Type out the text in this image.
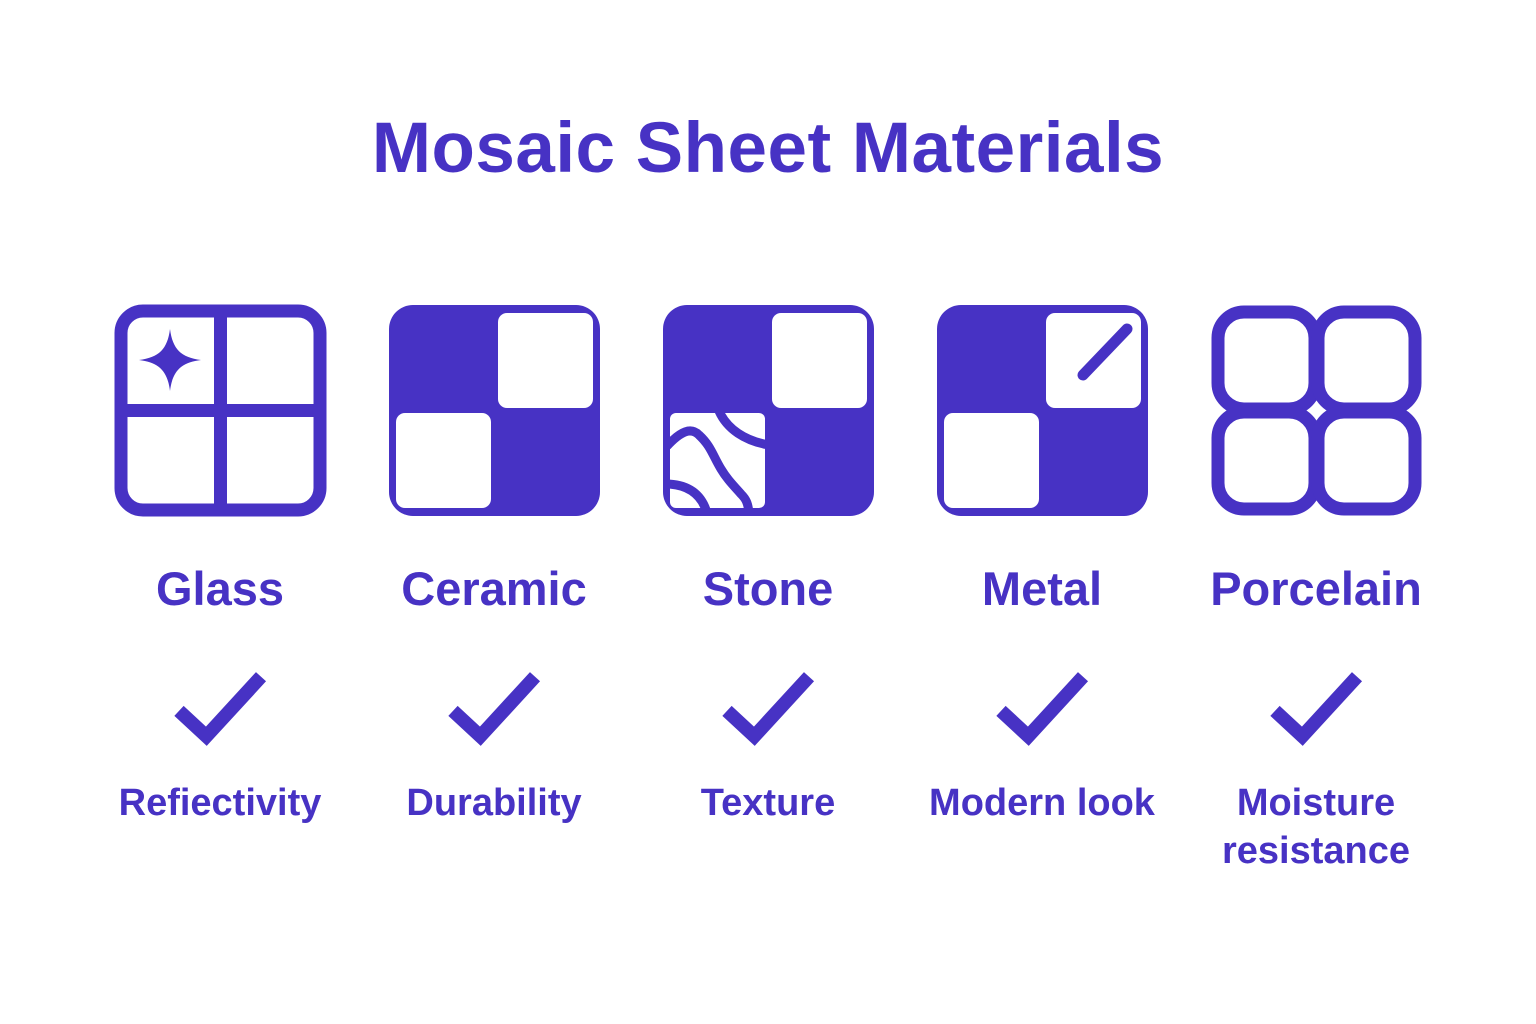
Mosaic Sheet Materials
Glass
Refiectivity
Ceramic
Durability
Stone
Texture
Metal
Modern look
Porcelain
Moisture resistance
